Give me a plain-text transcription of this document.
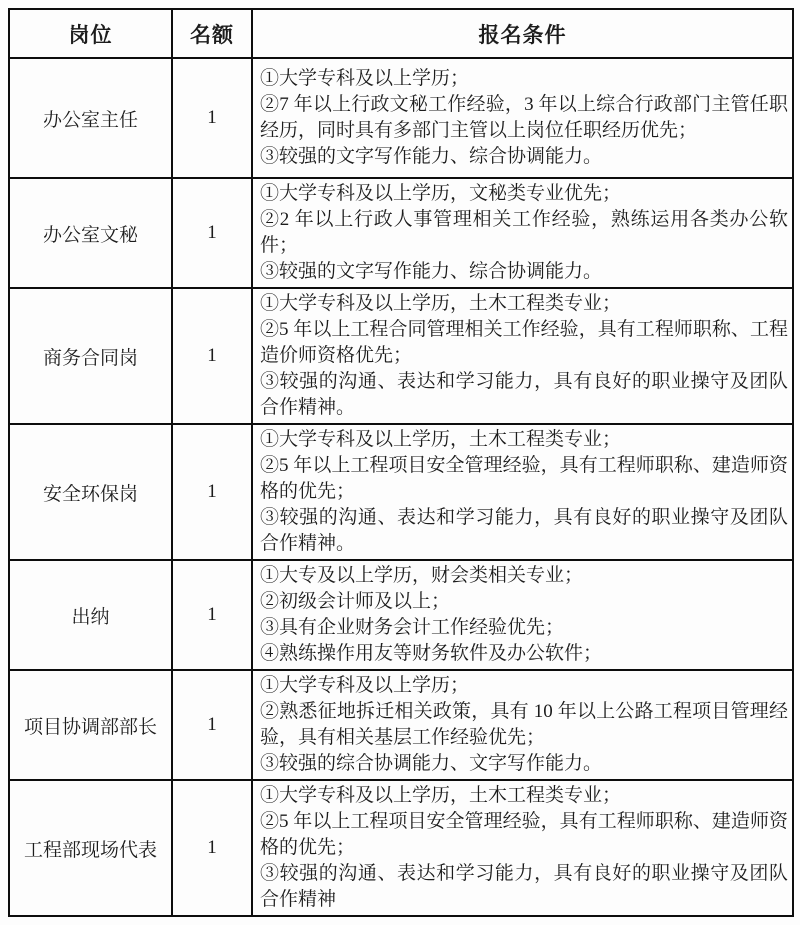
岗位	名额	报名条件
办公室主任	1	①大学专科及以上学历；
②7 年以上行政文秘工作经验，3 年以上综合行政部门主管任职经历，同时具有多部门主管以上岗位任职经历优先；
③较强的文字写作能力、综合协调能力。

办公室文秘	1	①大学专科及以上学历，文秘类专业优先；
②2 年以上行政人事管理相关工作经验，熟练运用各类办公软件；
③较强的文字写作能力、综合协调能力。

商务合同岗	1	①大学专科及以上学历，土木工程类专业；
②5 年以上工程合同管理相关工作经验，具有工程师职称、工程造价师资格优先；
③较强的沟通、表达和学习能力，具有良好的职业操守及团队合作精神。

安全环保岗	1	①大学专科及以上学历，土木工程类专业；
②5 年以上工程项目安全管理经验，具有工程师职称、建造师资格的优先；
③较强的沟通、表达和学习能力，具有良好的职业操守及团队合作精神。

出纳	1	①大专及以上学历，财会类相关专业；
②初级会计师及以上；
③具有企业财务会计工作经验优先；
④熟练操作用友等财务软件及办公软件；

项目协调部部长	1	①大学专科及以上学历；
②熟悉征地拆迁相关政策，具有 10 年以上公路工程项目管理经验，具有相关基层工作经验优先；
③较强的综合协调能力、文字写作能力。

工程部现场代表	1	①大学专科及以上学历，土木工程类专业；
②5 年以上工程项目安全管理经验，具有工程师职称、建造师资格的优先；
③较强的沟通、表达和学习能力，具有良好的职业操守及团队合作精神
